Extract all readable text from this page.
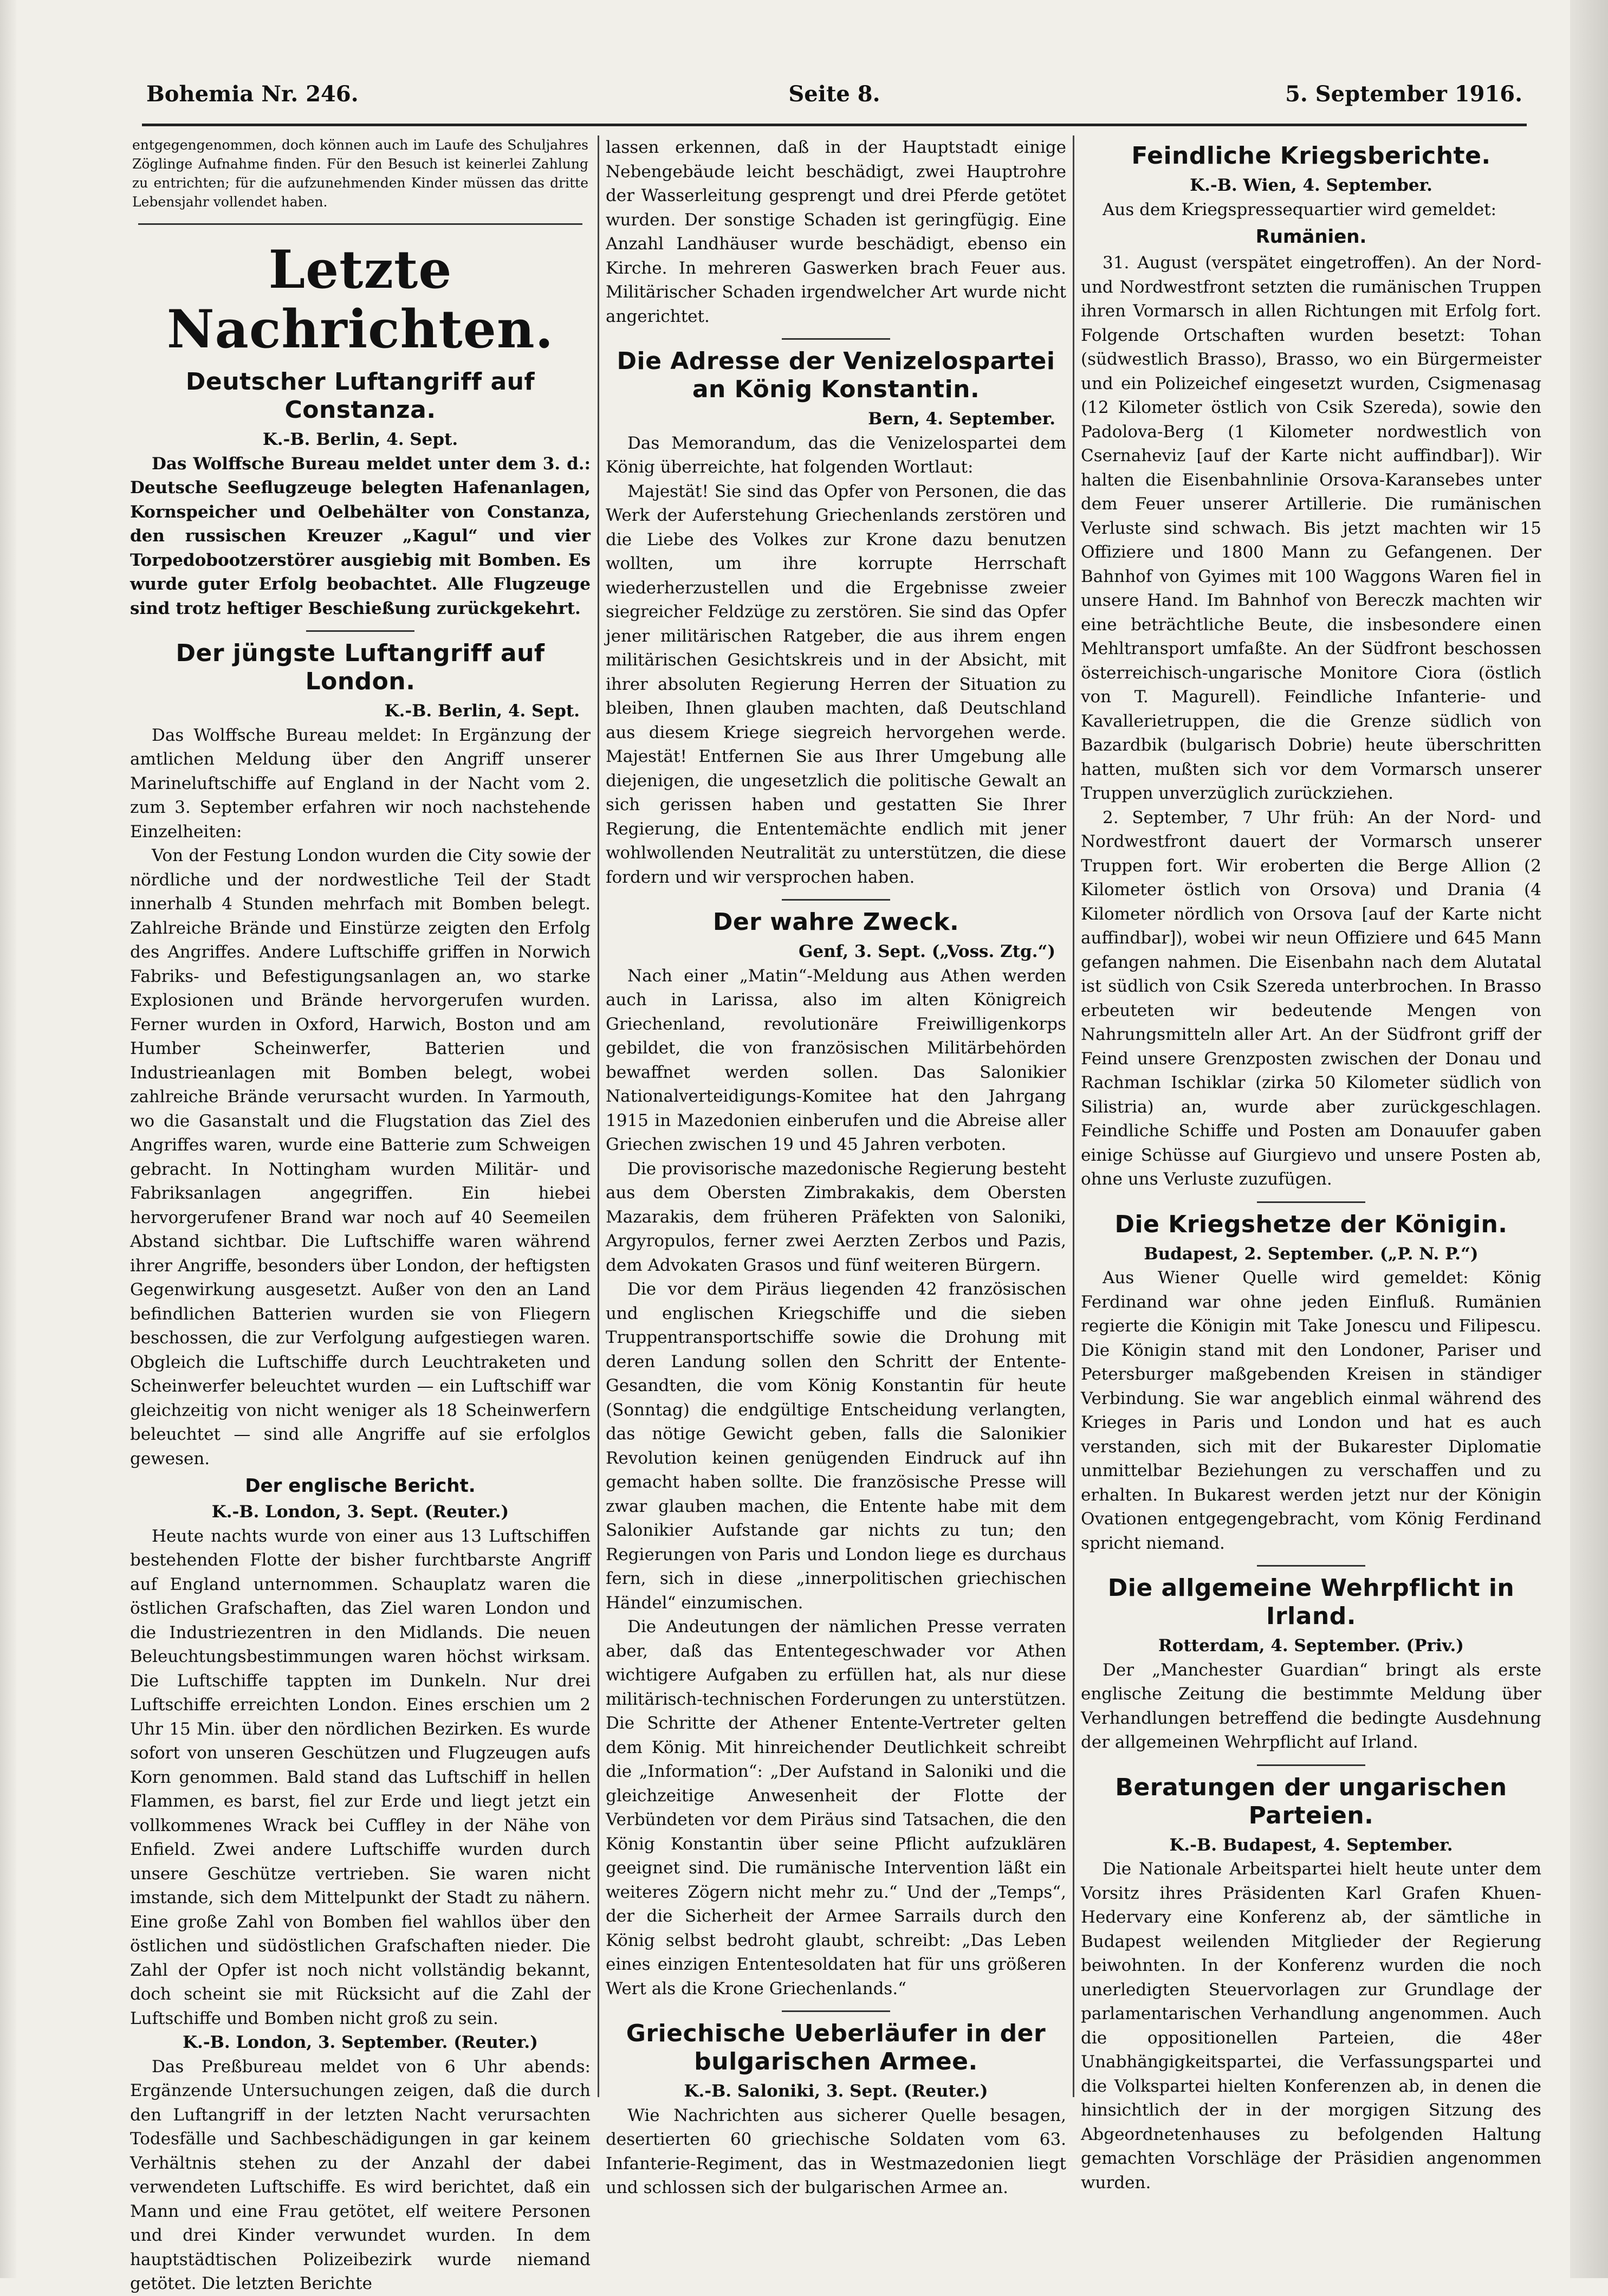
Bohemia Nr. 246.	Seite 8.	5. September 1916.

entgegengenommen, doch können auch im Laufe des Schuljahres Zöglinge Aufnahme finden. Für den Besuch ist keinerlei Zahlung zu entrichten; für die aufzunehmenden Kinder müssen das dritte Lebensjahr vollendet haben.

Letzte Nachrichten.
Deutscher Luftangriff auf Constanza.
K.-B. Berlin, 4. Sept.

Das Wolffsche Bureau meldet unter dem 3. d.: Deutsche Seeflugzeuge belegten Hafenanlagen, Kornspeicher und Oelbehälter von Constanza, den russischen Kreuzer „Kagul“ und vier Torpedobootzerstörer ausgiebig mit Bomben. Es wurde guter Erfolg beobachtet. Alle Flugzeuge sind trotz heftiger Beschießung zurückgekehrt.

Der jüngste Luftangriff auf London.
K.-B. Berlin, 4. Sept.

Das Wolffsche Bureau meldet: In Ergänzung der amtlichen Meldung über den Angriff unserer Marineluftschiffe auf England in der Nacht vom 2. zum 3. September erfahren wir noch nachstehende Einzelheiten:

Von der Festung London wurden die City sowie der nördliche und der nordwestliche Teil der Stadt innerhalb 4 Stunden mehrfach mit Bomben belegt. Zahlreiche Brände und Einstürze zeigten den Erfolg des Angriffes. Andere Luftschiffe griffen in Norwich Fabriks- und Befestigungsanlagen an, wo starke Explosionen und Brände hervorgerufen wurden. Ferner wurden in Oxford, Harwich, Boston und am Humber Scheinwerfer, Batterien und Industrieanlagen mit Bomben belegt, wobei zahlreiche Brände verursacht wurden. In Yarmouth, wo die Gasanstalt und die Flugstation das Ziel des Angriffes waren, wurde eine Batterie zum Schweigen gebracht. In Nottingham wurden Militär- und Fabriksanlagen angegriffen. Ein hiebei hervorgerufener Brand war noch auf 40 Seemeilen Abstand sichtbar. Die Luftschiffe waren während ihrer Angriffe, besonders über London, der heftigsten Gegenwirkung ausgesetzt. Außer von den an Land befindlichen Batterien wurden sie von Fliegern beschossen, die zur Verfolgung aufgestiegen waren. Obgleich die Luftschiffe durch Leuchtraketen und Scheinwerfer beleuchtet wurden — ein Luftschiff war gleichzeitig von nicht weniger als 18 Scheinwerfern beleuchtet — sind alle Angriffe auf sie erfolglos gewesen.

Der englische Bericht.
K.-B. London, 3. Sept. (Reuter.)

Heute nachts wurde von einer aus 13 Luftschiffen bestehenden Flotte der bisher furchtbarste Angriff auf England unternommen. Schauplatz waren die östlichen Grafschaften, das Ziel waren London und die Industriezentren in den Midlands. Die neuen Beleuchtungsbestimmungen waren höchst wirksam. Die Luftschiffe tappten im Dunkeln. Nur drei Luftschiffe erreichten London. Eines erschien um 2 Uhr 15 Min. über den nördlichen Bezirken. Es wurde sofort von unseren Geschützen und Flugzeugen aufs Korn genommen. Bald stand das Luftschiff in hellen Flammen, es barst, fiel zur Erde und liegt jetzt ein vollkommenes Wrack bei Cuffley in der Nähe von Enfield. Zwei andere Luftschiffe wurden durch unsere Geschütze vertrieben. Sie waren nicht imstande, sich dem Mittelpunkt der Stadt zu nähern. Eine große Zahl von Bomben fiel wahllos über den östlichen und südöstlichen Grafschaften nieder. Die Zahl der Opfer ist noch nicht vollständig bekannt, doch scheint sie mit Rücksicht auf die Zahl der Luftschiffe und Bomben nicht groß zu sein.

K.-B. London, 3. September. (Reuter.)

Das Preßbureau meldet von 6 Uhr abends: Ergänzende Untersuchungen zeigen, daß die durch den Luftangriff in der letzten Nacht verursachten Todesfälle und Sachbeschädigungen in gar keinem Verhältnis stehen zu der Anzahl der dabei verwendeten Luftschiffe. Es wird berichtet, daß ein Mann und eine Frau getötet, elf weitere Personen und drei Kinder verwundet wurden. In dem hauptstädtischen Polizeibezirk wurde niemand getötet. Die letzten Berichte

lassen erkennen, daß in der Hauptstadt einige Nebengebäude leicht beschädigt, zwei Hauptrohre der Wasserleitung gesprengt und drei Pferde getötet wurden. Der sonstige Schaden ist geringfügig. Eine Anzahl Landhäuser wurde beschädigt, ebenso ein Kirche. In mehreren Gaswerken brach Feuer aus. Militärischer Schaden irgendwelcher Art wurde nicht angerichtet.

Die Adresse der Venizelospartei an König Konstantin.
Bern, 4. September.

Das Memorandum, das die Venizelospartei dem König überreichte, hat folgenden Wortlaut:

Majestät! Sie sind das Opfer von Personen, die das Werk der Auferstehung Griechenlands zerstören und die Liebe des Volkes zur Krone dazu benutzen wollten, um ihre korrupte Herrschaft wiederherzustellen und die Ergebnisse zweier siegreicher Feldzüge zu zerstören. Sie sind das Opfer jener militärischen Ratgeber, die aus ihrem engen militärischen Gesichtskreis und in der Absicht, mit ihrer absoluten Regierung Herren der Situation zu bleiben, Ihnen glauben machten, daß Deutschland aus diesem Kriege siegreich hervorgehen werde. Majestät! Entfernen Sie aus Ihrer Umgebung alle diejenigen, die ungesetzlich die politische Gewalt an sich gerissen haben und gestatten Sie Ihrer Regierung, die Ententemächte endlich mit jener wohlwollenden Neutralität zu unterstützen, die diese fordern und wir versprochen haben.

Der wahre Zweck.
Genf, 3. Sept. („Voss. Ztg.“)

Nach einer „Matin“-Meldung aus Athen werden auch in Larissa, also im alten Königreich Griechenland, revolutionäre Freiwilligenkorps gebildet, die von französischen Militärbehörden bewaffnet werden sollen. Das Salonikier Nationalverteidigungs-Komitee hat den Jahrgang 1915 in Mazedonien einberufen und die Abreise aller Griechen zwischen 19 und 45 Jahren verboten.

Die provisorische mazedonische Regierung besteht aus dem Obersten Zimbrakakis, dem Obersten Mazarakis, dem früheren Präfekten von Saloniki, Argyropulos, ferner zwei Aerzten Zerbos und Pazis, dem Advokaten Grasos und fünf weiteren Bürgern.

Die vor dem Piräus liegenden 42 französischen und englischen Kriegschiffe und die sieben Truppentransportschiffe sowie die Drohung mit deren Landung sollen den Schritt der Entente-Gesandten, die vom König Konstantin für heute (Sonntag) die endgültige Entscheidung verlangten, das nötige Gewicht geben, falls die Salonikier Revolution keinen genügenden Eindruck auf ihn gemacht haben sollte. Die französische Presse will zwar glauben machen, die Entente habe mit dem Salonikier Aufstande gar nichts zu tun; den Regierungen von Paris und London liege es durchaus fern, sich in diese „innerpolitischen griechischen Händel“ einzumischen.

Die Andeutungen der nämlichen Presse verraten aber, daß das Ententegeschwader vor Athen wichtigere Aufgaben zu erfüllen hat, als nur diese militärisch-technischen Forderungen zu unterstützen. Die Schritte der Athener Entente-Vertreter gelten dem König. Mit hinreichender Deutlichkeit schreibt die „Information“: „Der Aufstand in Saloniki und die gleichzeitige Anwesenheit der Flotte der Verbündeten vor dem Piräus sind Tatsachen, die den König Konstantin über seine Pflicht aufzuklären geeignet sind. Die rumänische Intervention läßt ein weiteres Zögern nicht mehr zu.“ Und der „Temps“, der die Sicherheit der Armee Sarrails durch den König selbst bedroht glaubt, schreibt: „Das Leben eines einzigen Ententesoldaten hat für uns größeren Wert als die Krone Griechenlands.“

Griechische Ueberläufer in der bulgarischen Armee.
K.-B. Saloniki, 3. Sept. (Reuter.)

Wie Nachrichten aus sicherer Quelle besagen, desertierten 60 griechische Soldaten vom 63. Infanterie-Regiment, das in Westmazedonien liegt und schlossen sich der bulgarischen Armee an.

Feindliche Kriegsberichte.
K.-B. Wien, 4. September.

Aus dem Kriegspressequartier wird gemeldet:

Rumänien.

31. August (verspätet eingetroffen). An der Nord- und Nordwestfront setzten die rumänischen Truppen ihren Vormarsch in allen Richtungen mit Erfolg fort. Folgende Ortschaften wurden besetzt: Tohan (südwestlich Brasso), Brasso, wo ein Bürgermeister und ein Polizeichef eingesetzt wurden, Csigmenasag (12 Kilometer östlich von Csik Szereda), sowie den Padolova-Berg (1 Kilometer nordwestlich von Csernaheviz [auf der Karte nicht auffindbar]). Wir halten die Eisenbahnlinie Orsova-Karansebes unter dem Feuer unserer Artillerie. Die rumänischen Verluste sind schwach. Bis jetzt machten wir 15 Offiziere und 1800 Mann zu Gefangenen. Der Bahnhof von Gyimes mit 100 Waggons Waren fiel in unsere Hand. Im Bahnhof von Bereczk machten wir eine beträchtliche Beute, die insbesondere einen Mehltransport umfaßte. An der Südfront beschossen österreichisch-ungarische Monitore Ciora (östlich von T. Magurell). Feindliche Infanterie- und Kavallerietruppen, die die Grenze südlich von Bazardbik (bulgarisch Dobrie) heute überschritten hatten, mußten sich vor dem Vormarsch unserer Truppen unverzüglich zurückziehen.

2. September, 7 Uhr früh: An der Nord- und Nordwestfront dauert der Vormarsch unserer Truppen fort. Wir eroberten die Berge Allion (2 Kilometer östlich von Orsova) und Drania (4 Kilometer nördlich von Orsova [auf der Karte nicht auffindbar]), wobei wir neun Offiziere und 645 Mann gefangen nahmen. Die Eisenbahn nach dem Alutatal ist südlich von Csik Szereda unterbrochen. In Brasso erbeuteten wir bedeutende Mengen von Nahrungsmitteln aller Art. An der Südfront griff der Feind unsere Grenzposten zwischen der Donau und Rachman Ischiklar (zirka 50 Kilometer südlich von Silistria) an, wurde aber zurückgeschlagen. Feindliche Schiffe und Posten am Donauufer gaben einige Schüsse auf Giurgievo und unsere Posten ab, ohne uns Verluste zuzufügen.

Die Kriegshetze der Königin.
Budapest, 2. September. („P. N. P.“)

Aus Wiener Quelle wird gemeldet: König Ferdinand war ohne jeden Einfluß. Rumänien regierte die Königin mit Take Jonescu und Filipescu. Die Königin stand mit den Londoner, Pariser und Petersburger maßgebenden Kreisen in ständiger Verbindung. Sie war angeblich einmal während des Krieges in Paris und London und hat es auch verstanden, sich mit der Bukarester Diplomatie unmittelbar Beziehungen zu verschaffen und zu erhalten. In Bukarest werden jetzt nur der Königin Ovationen entgegengebracht, vom König Ferdinand spricht niemand.

Die allgemeine Wehrpflicht in Irland.
Rotterdam, 4. September. (Priv.)

Der „Manchester Guardian“ bringt als erste englische Zeitung die bestimmte Meldung über Verhandlungen betreffend die bedingte Ausdehnung der allgemeinen Wehrpflicht auf Irland.

Beratungen der ungarischen Parteien.
K.-B. Budapest, 4. September.

Die Nationale Arbeitspartei hielt heute unter dem Vorsitz ihres Präsidenten Karl Grafen Khuen-Hedervary eine Konferenz ab, der sämtliche in Budapest weilenden Mitglieder der Regierung beiwohnten. In der Konferenz wurden die noch unerledigten Steuervorlagen zur Grundlage der parlamentarischen Verhandlung angenommen. Auch die oppositionellen Parteien, die 48er Unabhängigkeitspartei, die Verfassungspartei und die Volkspartei hielten Konferenzen ab, in denen die hinsichtlich der in der morgigen Sitzung des Abgeordnetenhauses zu befolgenden Haltung gemachten Vorschläge der Präsidien angenommen wurden.
